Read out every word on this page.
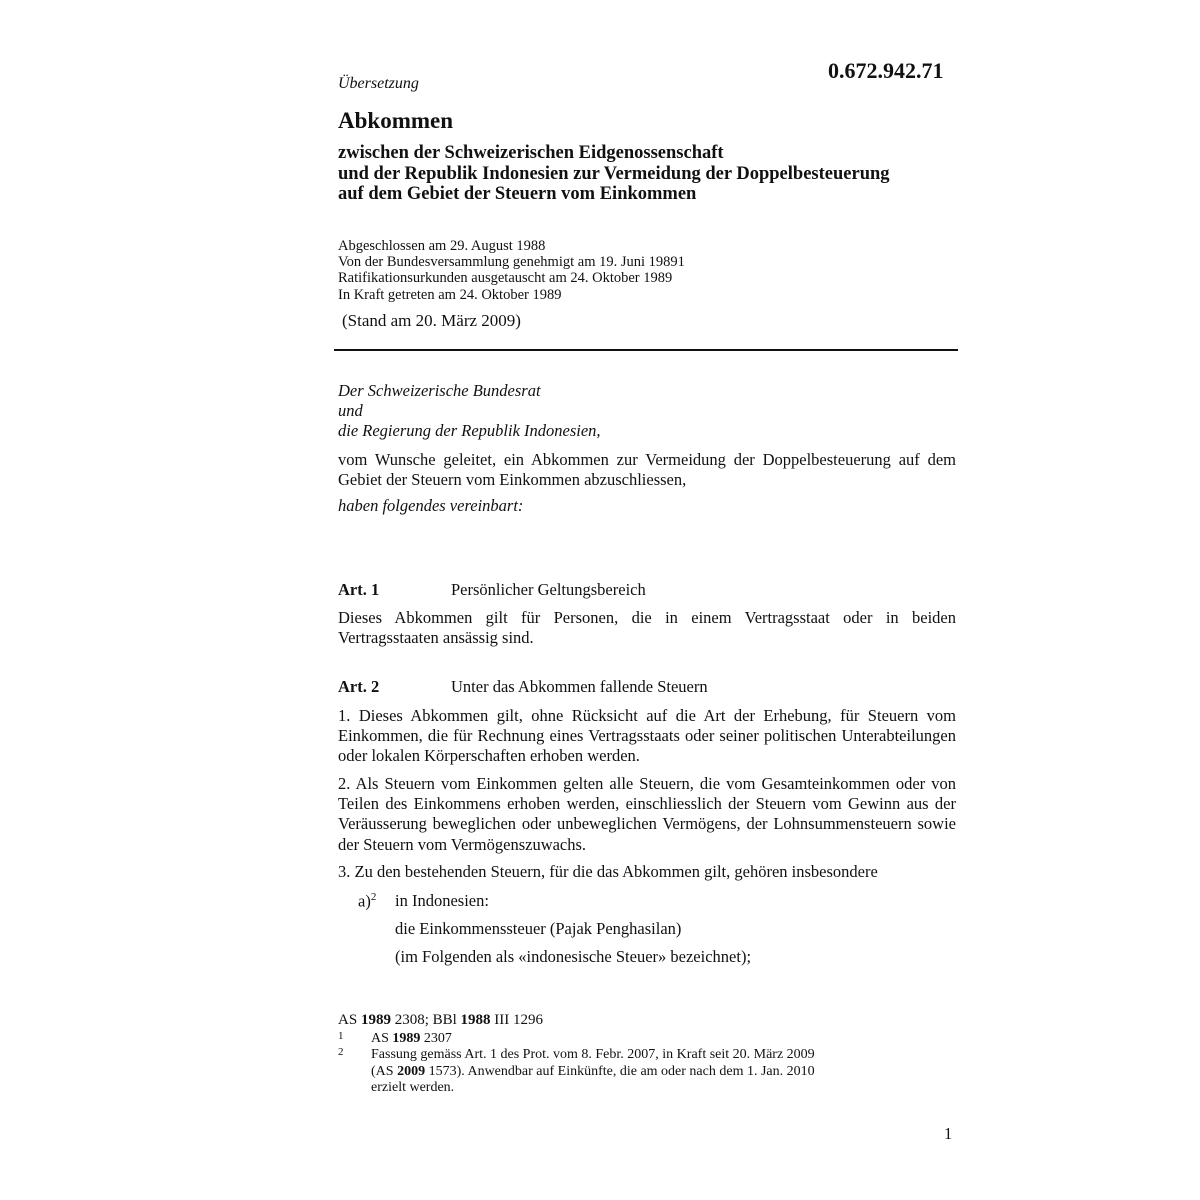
0.672.942.71
Übersetzung
Abkommen
zwischen der Schweizerischen Eidgenossenschaft
und der Republik Indonesien zur Vermeidung der Doppelbesteuerung
auf dem Gebiet der Steuern vom Einkommen
Abgeschlossen am 29. August 1988
Von der Bundesversammlung genehmigt am 19. Juni 19891
Ratifikationsurkunden ausgetauscht am 24. Oktober 1989
In Kraft getreten am 24. Oktober 1989
(Stand am 20. März 2009)
Der Schweizerische Bundesrat
und
die Regierung der Republik Indonesien,
vom Wunsche geleitet, ein Abkommen zur Vermeidung der Doppelbesteuerung auf dem Gebiet der Steuern vom Einkommen abzuschliessen,
haben folgendes vereinbart:
Art. 1	Persönlicher Geltungsbereich
Dieses Abkommen gilt für Personen, die in einem Vertragsstaat oder in beiden Vertragsstaaten ansässig sind.
Art. 2	Unter das Abkommen fallende Steuern
1. Dieses Abkommen gilt, ohne Rücksicht auf die Art der Erhebung, für Steuern vom Einkommen, die für Rechnung eines Vertragsstaats oder seiner politischen Unterabteilungen oder lokalen Körperschaften erhoben werden.
2. Als Steuern vom Einkommen gelten alle Steuern, die vom Gesamteinkommen oder von Teilen des Einkommens erhoben werden, einschliesslich der Steuern vom Gewinn aus der Veräusserung beweglichen oder unbeweglichen Vermögens, der Lohnsummensteuern sowie der Steuern vom Vermögenszuwachs.
3. Zu den bestehenden Steuern, für die das Abkommen gilt, gehören insbesondere
a)$^2$ in Indonesien:
die Einkommenssteuer (Pajak Penghasilan)
(im Folgenden als «indonesische Steuer» bezeichnet);
AS 1989 2308; BBl 1988 III 1296
1 AS 1989 2307
2 Fassung gemäss Art. 1 des Prot. vom 8. Febr. 2007, in Kraft seit 20. März 2009
(AS 2009 1573). Anwendbar auf Einkünfte, die am oder nach dem 1. Jan. 2010
erzielt werden.
1
